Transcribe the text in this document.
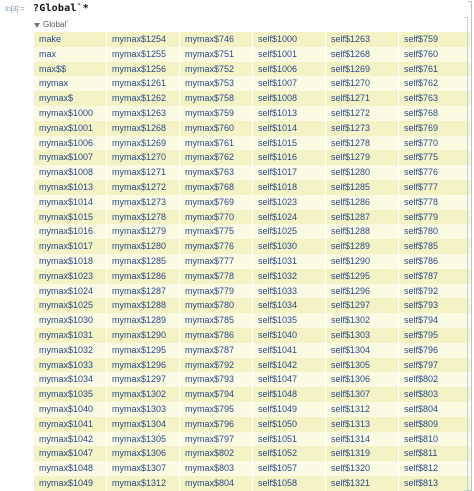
In[3]:= ?Global`*
Global`
make	mymax$1254	mymax$746	self$1000	self$1263	self$759
max	mymax$1255	mymax$751	self$1001	self$1268	self$760
max$$	mymax$1256	mymax$752	self$1006	self$1269	self$761
mymax	mymax$1261	mymax$753	self$1007	self$1270	self$762
mymax$	mymax$1262	mymax$758	self$1008	self$1271	self$763
mymax$1000	mymax$1263	mymax$759	self$1013	self$1272	self$768
mymax$1001	mymax$1268	mymax$760	self$1014	self$1273	self$769
mymax$1006	mymax$1269	mymax$761	self$1015	self$1278	self$770
mymax$1007	mymax$1270	mymax$762	self$1016	self$1279	self$775
mymax$1008	mymax$1271	mymax$763	self$1017	self$1280	self$776
mymax$1013	mymax$1272	mymax$768	self$1018	self$1285	self$777
mymax$1014	mymax$1273	mymax$769	self$1023	self$1286	self$778
mymax$1015	mymax$1278	mymax$770	self$1024	self$1287	self$779
mymax$1016	mymax$1279	mymax$775	self$1025	self$1288	self$780
mymax$1017	mymax$1280	mymax$776	self$1030	self$1289	self$785
mymax$1018	mymax$1285	mymax$777	self$1031	self$1290	self$786
mymax$1023	mymax$1286	mymax$778	self$1032	self$1295	self$787
mymax$1024	mymax$1287	mymax$779	self$1033	self$1296	self$792
mymax$1025	mymax$1288	mymax$780	self$1034	self$1297	self$793
mymax$1030	mymax$1289	mymax$785	self$1035	self$1302	self$794
mymax$1031	mymax$1290	mymax$786	self$1040	self$1303	self$795
mymax$1032	mymax$1295	mymax$787	self$1041	self$1304	self$796
mymax$1033	mymax$1296	mymax$792	self$1042	self$1305	self$797
mymax$1034	mymax$1297	mymax$793	self$1047	self$1306	self$802
mymax$1035	mymax$1302	mymax$794	self$1048	self$1307	self$803
mymax$1040	mymax$1303	mymax$795	self$1049	self$1312	self$804
mymax$1041	mymax$1304	mymax$796	self$1050	self$1313	self$809
mymax$1042	mymax$1305	mymax$797	self$1051	self$1314	self$810
mymax$1047	mymax$1306	mymax$802	self$1052	self$1319	self$811
mymax$1048	mymax$1307	mymax$803	self$1057	self$1320	self$812
mymax$1049	mymax$1312	mymax$804	self$1058	self$1321	self$813
